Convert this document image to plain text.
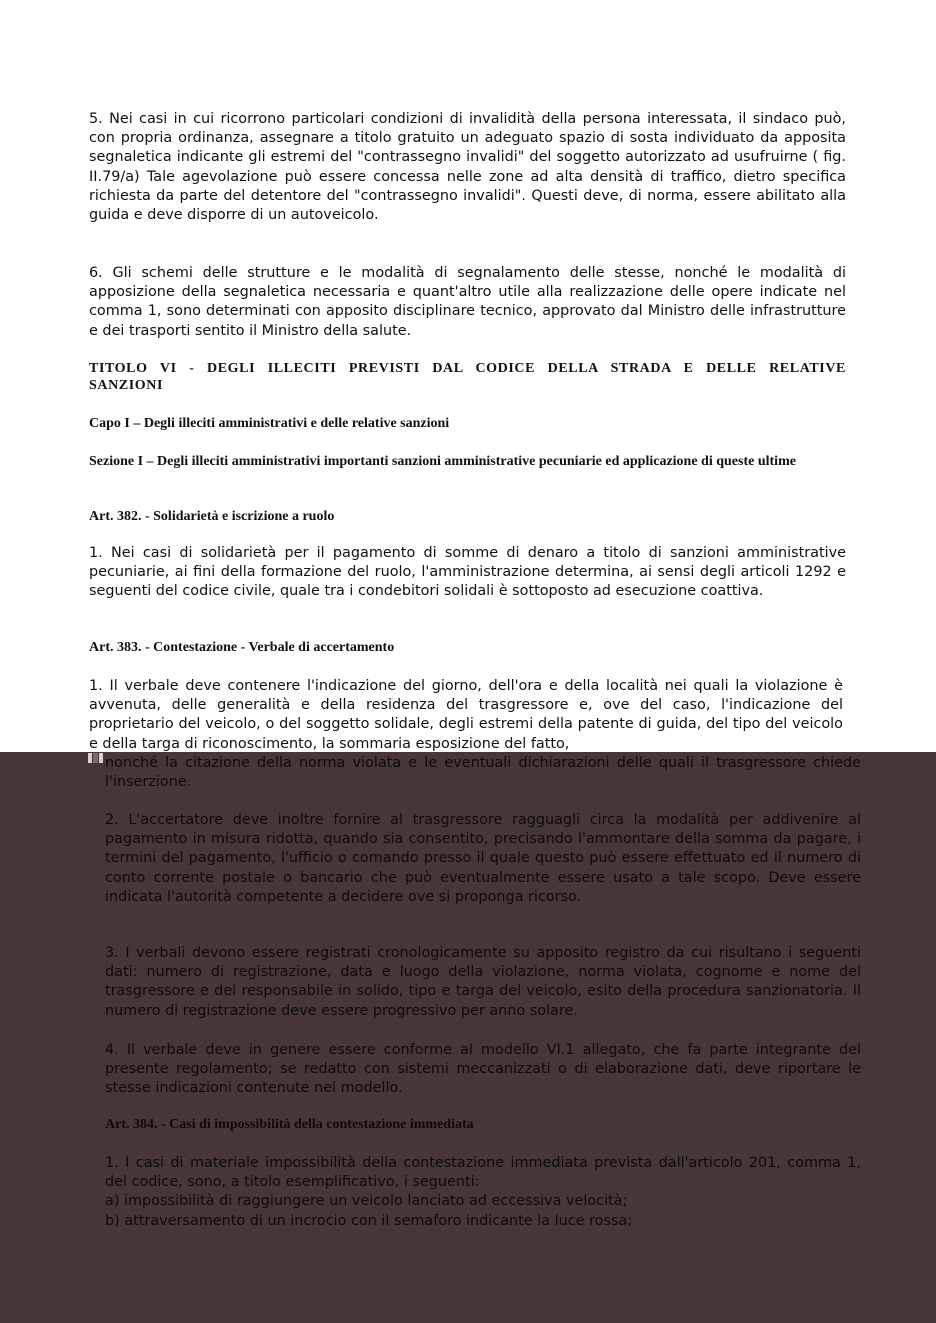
5. Nei casi in cui ricorrono particolari condizioni di invalidità della persona interessata, il sindaco può, con propria ordinanza, assegnare a titolo gratuito un adeguato spazio di sosta individuato da apposita segnaletica indicante gli estremi del "contrassegno invalidi" del soggetto autorizzato ad usufruirne ( fig. II.79/a) Tale agevolazione può essere concessa nelle zone ad alta densità di traffico, dietro specifica richiesta da parte del detentore del "contrassegno invalidi". Questi deve, di norma, essere abilitato alla guida e deve disporre di un autoveicolo.

6. Gli schemi delle strutture e le modalità di segnalamento delle stesse, nonché le modalità di apposizione della segnaletica necessaria e quant'altro utile alla realizzazione delle opere indicate nel comma 1, sono determinati con apposito disciplinare tecnico, approvato dal Ministro delle infrastrutture e dei trasporti sentito il Ministro della salute.

TITOLO VI - DEGLI ILLECITI PREVISTI DAL CODICE DELLA STRADA E DELLE RELATIVE SANZIONI

Capo I – Degli illeciti amministrativi e delle relative sanzioni

Sezione I – Degli illeciti amministrativi importanti sanzioni amministrative pecuniarie ed applicazione di queste ultime

Art. 382. - Solidarietà e iscrizione a ruolo

1. Nei casi di solidarietà per il pagamento di somme di denaro a titolo di sanzioni amministrative pecuniarie, ai fini della formazione del ruolo, l'amministrazione determina, ai sensi degli articoli 1292 e seguenti del codice civile, quale tra i condebitori solidali è sottoposto ad esecuzione coattiva.

Art. 383. - Contestazione - Verbale di accertamento

1. Il verbale deve contenere l'indicazione del giorno, dell'ora e della località nei quali la violazione è avvenuta, delle generalità e della residenza del trasgressore e, ove del caso, l'indicazione del proprietario del veicolo, o del soggetto solidale, degli estremi della patente di guida, del tipo del veicolo e della targa di riconoscimento, la sommaria esposizione del fatto,

nonché la citazione della norma violata e le eventuali dichiarazioni delle quali il trasgressore chiede l'inserzione.

2. L'accertatore deve inoltre fornire al trasgressore ragguagli circa la modalità per addivenire al pagamento in misura ridotta, quando sia consentito, precisando l'ammontare della somma da pagare, i termini del pagamento, l'ufficio o comando presso il quale questo può essere effettuato ed il numero di conto corrente postale o bancario che può eventualmente essere usato a tale scopo. Deve essere indicata l'autorità competente a decidere ove si proponga ricorso.

3. I verbali devono essere registrati cronologicamente su apposito registro da cui risultano i seguenti dati: numero di registrazione, data e luogo della violazione, norma violata, cognome e nome del trasgressore e del responsabile in solido, tipo e targa del veicolo, esito della procedura sanzionatoria. Il numero di registrazione deve essere progressivo per anno solare.

4. Il verbale deve in genere essere conforme al modello VI.1 allegato, che fa parte integrante del presente regolamento; se redatto con sistemi meccanizzati o di elaborazione dati, deve riportare le stesse indicazioni contenute nel modello.

Art. 384. - Casi di impossibilità della contestazione immediata

1. I casi di materiale impossibilità della contestazione immediata prevista dall'articolo 201, comma 1, del codice, sono, a titolo esemplificativo, i seguenti:

a) impossibilità di raggiungere un veicolo lanciato ad eccessiva velocità;

b) attraversamento di un incrocio con il semaforo indicante la luce rossa;
